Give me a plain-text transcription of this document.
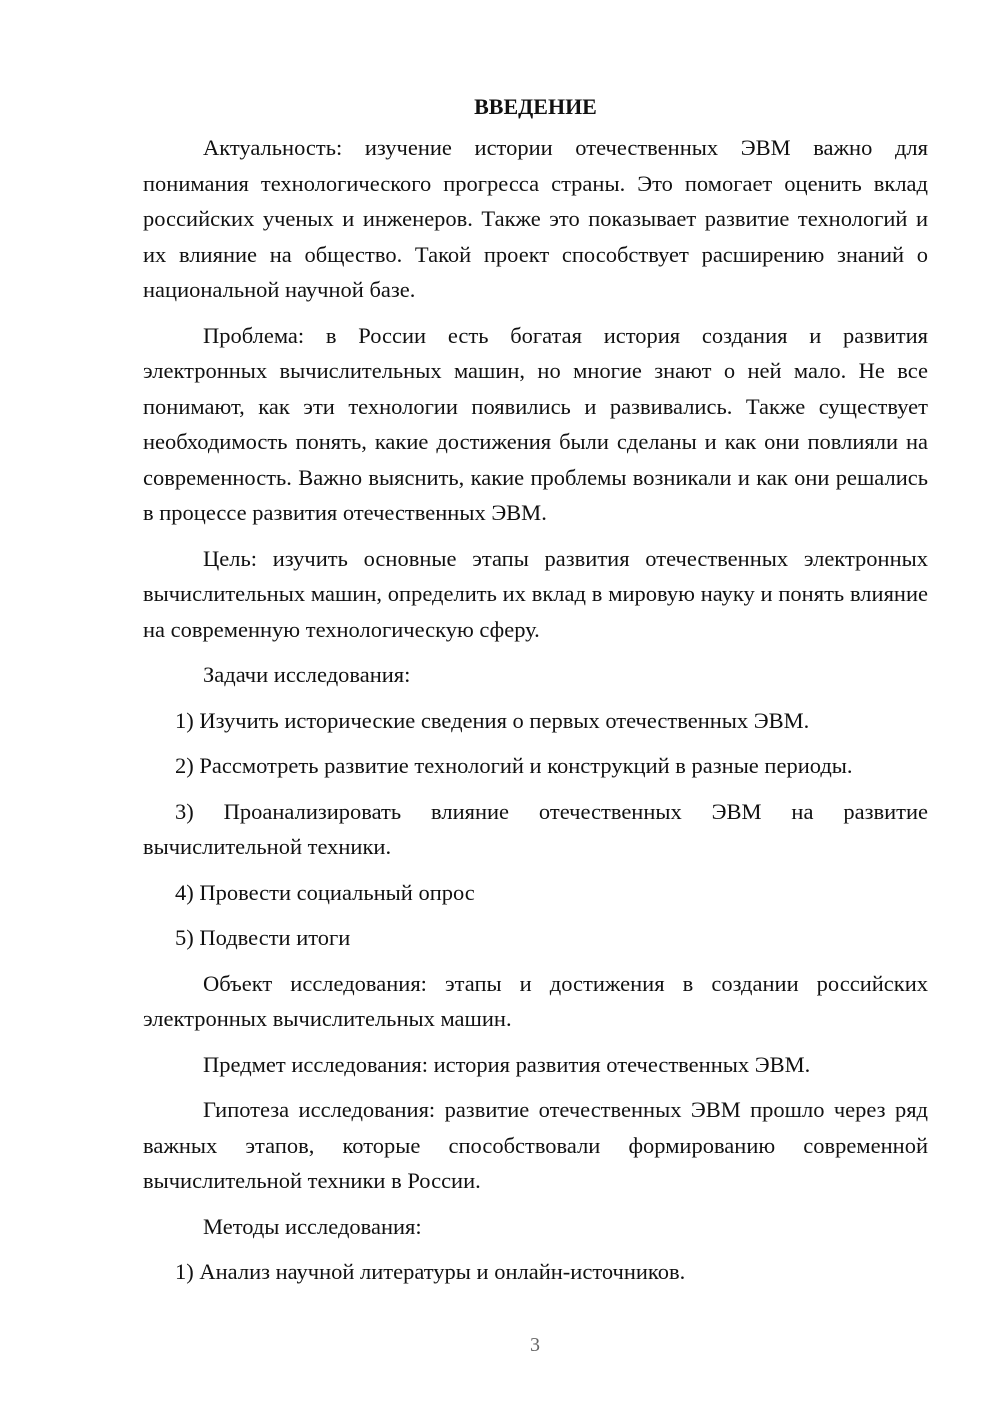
ВВЕДЕНИЕ

Актуальность: изучение истории отечественных ЭВМ важно для понимания технологического прогресса страны. Это помогает оценить вклад российских ученых и инженеров. Также это показывает развитие технологий и их влияние на общество. Такой проект способствует расширению знаний о национальной научной базе.

Проблема: в России есть богатая история создания и развития электронных вычислительных машин, но многие знают о ней мало. Не все понимают, как эти технологии появились и развивались. Также существует необходимость понять, какие достижения были сделаны и как они повлияли на современность. Важно выяснить, какие проблемы возникали и как они решались в процессе развития отечественных ЭВМ.

Цель: изучить основные этапы развития отечественных электронных вычислительных машин, определить их вклад в мировую науку и понять влияние на современную технологическую сферу.

Задачи исследования:

1) Изучить исторические сведения о первых отечественных ЭВМ.

2) Рассмотреть развитие технологий и конструкций в разные периоды.

3) Проанализировать влияние отечественных ЭВМ на развитие вычислительной техники.

4) Провести социальный опрос

5) Подвести итоги

Объект исследования: этапы и достижения в создании российских электронных вычислительных машин.

Предмет исследования: история развития отечественных ЭВМ.

Гипотеза исследования: развитие отечественных ЭВМ прошло через ряд важных этапов, которые способствовали формированию современной вычислительной техники в России.

Методы исследования:

1) Анализ научной литературы и онлайн-источников.

3
